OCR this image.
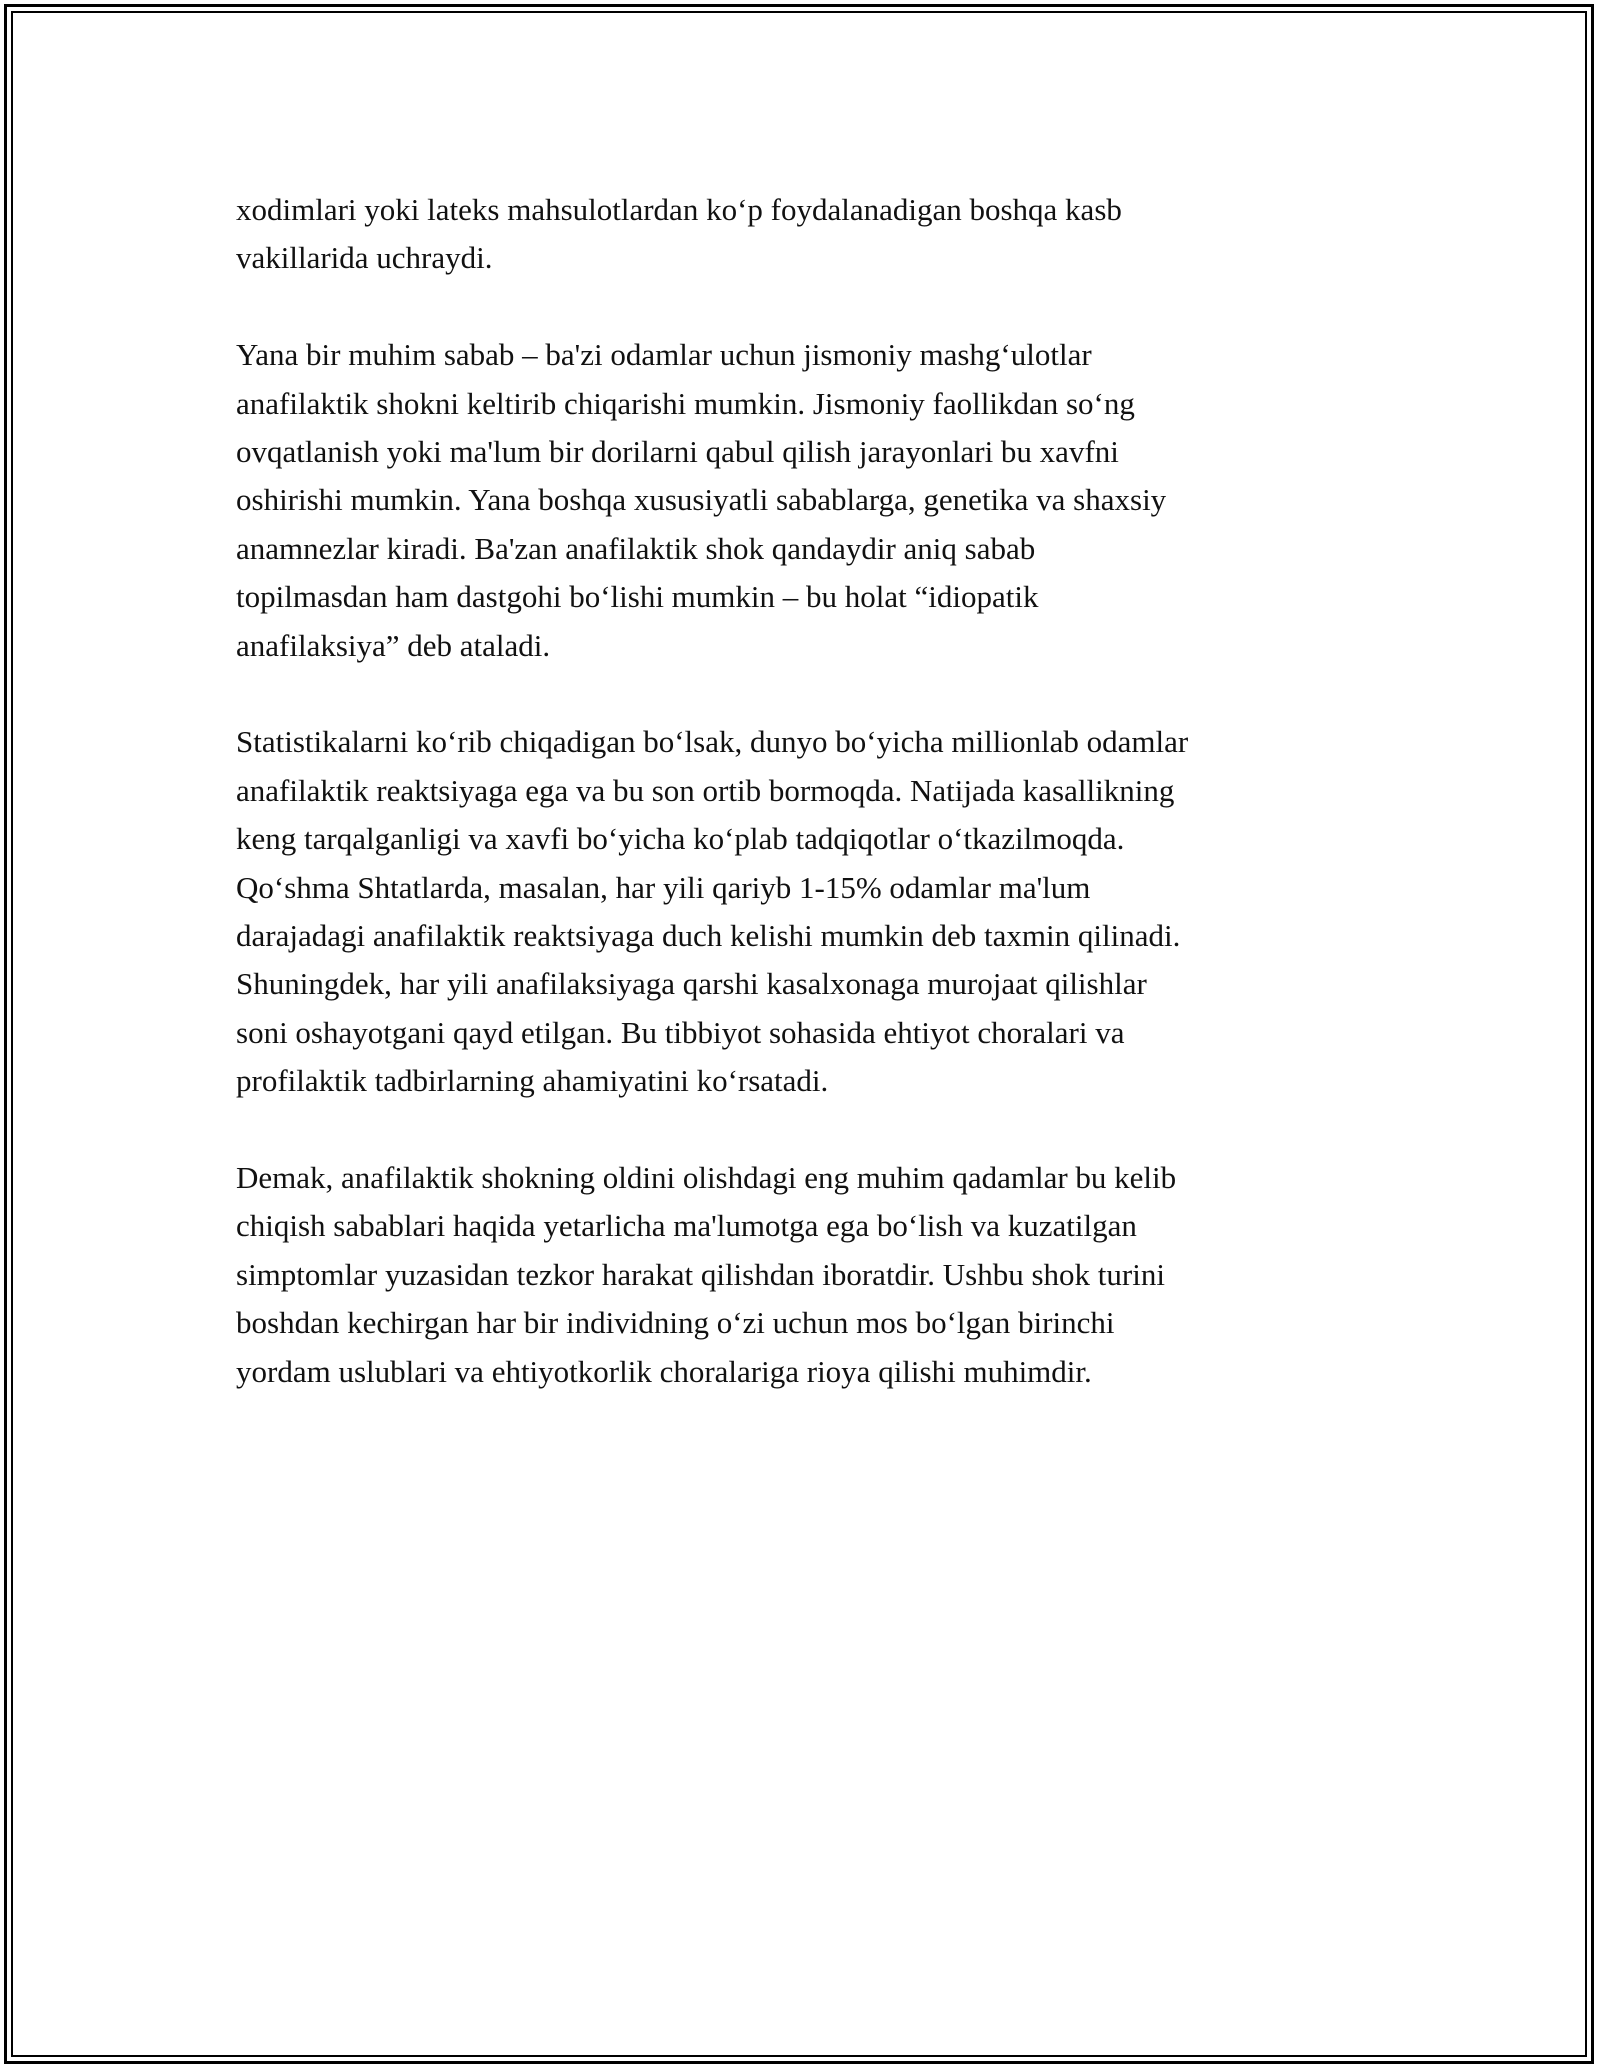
xodimlari yoki lateks mahsulotlardan koʻp foydalanadigan boshqa kasb
vakillarida uchraydi.

Yana bir muhim sabab – ba'zi odamlar uchun jismoniy mashgʻulotlar
anafilaktik shokni keltirib chiqarishi mumkin. Jismoniy faollikdan soʻng
ovqatlanish yoki ma'lum bir dorilarni qabul qilish jarayonlari bu xavfni
oshirishi mumkin. Yana boshqa xususiyatli sabablarga, genetika va shaxsiy
anamnezlar kiradi. Ba'zan anafilaktik shok qandaydir aniq sabab
topilmasdan ham dastgohi boʻlishi mumkin – bu holat “idiopatik
anafilaksiya” deb ataladi.

Statistikalarni koʻrib chiqadigan boʻlsak, dunyo boʻyicha millionlab odamlar
anafilaktik reaktsiyaga ega va bu son ortib bormoqda. Natijada kasallikning
keng tarqalganligi va xavfi boʻyicha koʻplab tadqiqotlar oʻtkazilmoqda.
Qoʻshma Shtatlarda, masalan, har yili qariyb 1-15% odamlar ma'lum
darajadagi anafilaktik reaktsiyaga duch kelishi mumkin deb taxmin qilinadi.
Shuningdek, har yili anafilaksiyaga qarshi kasalxonaga murojaat qilishlar
soni oshayotgani qayd etilgan. Bu tibbiyot sohasida ehtiyot choralari va
profilaktik tadbirlarning ahamiyatini koʻrsatadi.

Demak, anafilaktik shokning oldini olishdagi eng muhim qadamlar bu kelib
chiqish sabablari haqida yetarlicha ma'lumotga ega boʻlish va kuzatilgan
simptomlar yuzasidan tezkor harakat qilishdan iboratdir. Ushbu shok turini
boshdan kechirgan har bir individning oʻzi uchun mos boʻlgan birinchi
yordam uslublari va ehtiyotkorlik choralariga rioya qilishi muhimdir.
